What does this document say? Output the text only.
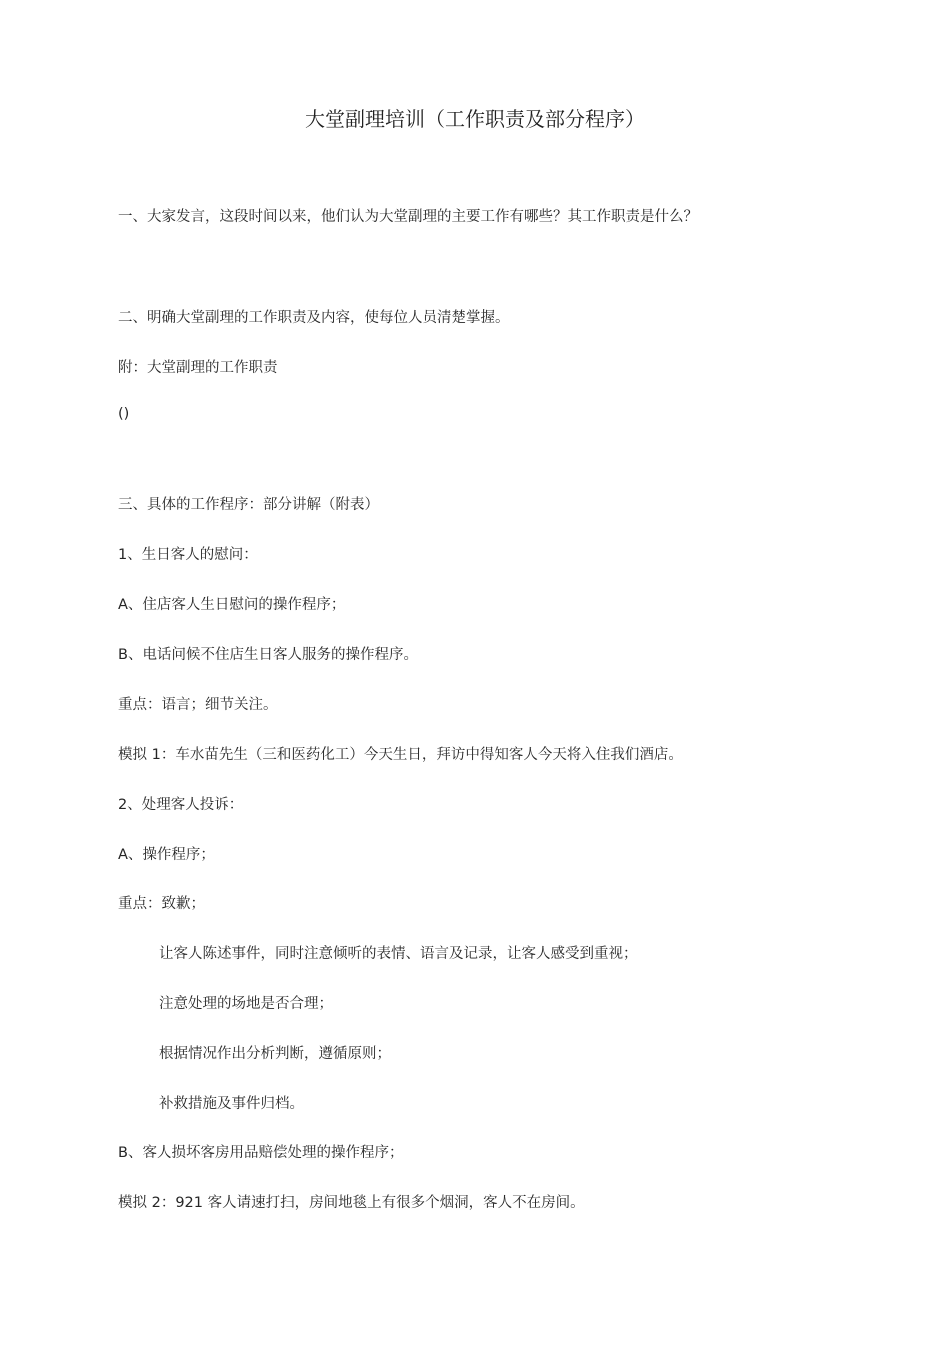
大堂副理培训（工作职责及部分程序）
一、大家发言，这段时间以来，他们认为大堂副理的主要工作有哪些？其工作职责是什么？
二、明确大堂副理的工作职责及内容，使每位人员清楚掌握。
附：大堂副理的工作职责
()
三、具体的工作程序：部分讲解（附表）
1、生日客人的慰问：
A、住店客人生日慰问的操作程序；
B、电话问候不住店生日客人服务的操作程序。
重点：语言；细节关注。
模拟 1：车水苗先生（三和医药化工）今天生日，拜访中得知客人今天将入住我们酒店。
2、处理客人投诉：
A、操作程序；
重点：致歉；
让客人陈述事件，同时注意倾听的表情、语言及记录，让客人感受到重视；
注意处理的场地是否合理；
根据情况作出分析判断，遵循原则；
补救措施及事件归档。
B、客人损坏客房用品赔偿处理的操作程序；
模拟 2：921 客人请速打扫，房间地毯上有很多个烟洞，客人不在房间。
